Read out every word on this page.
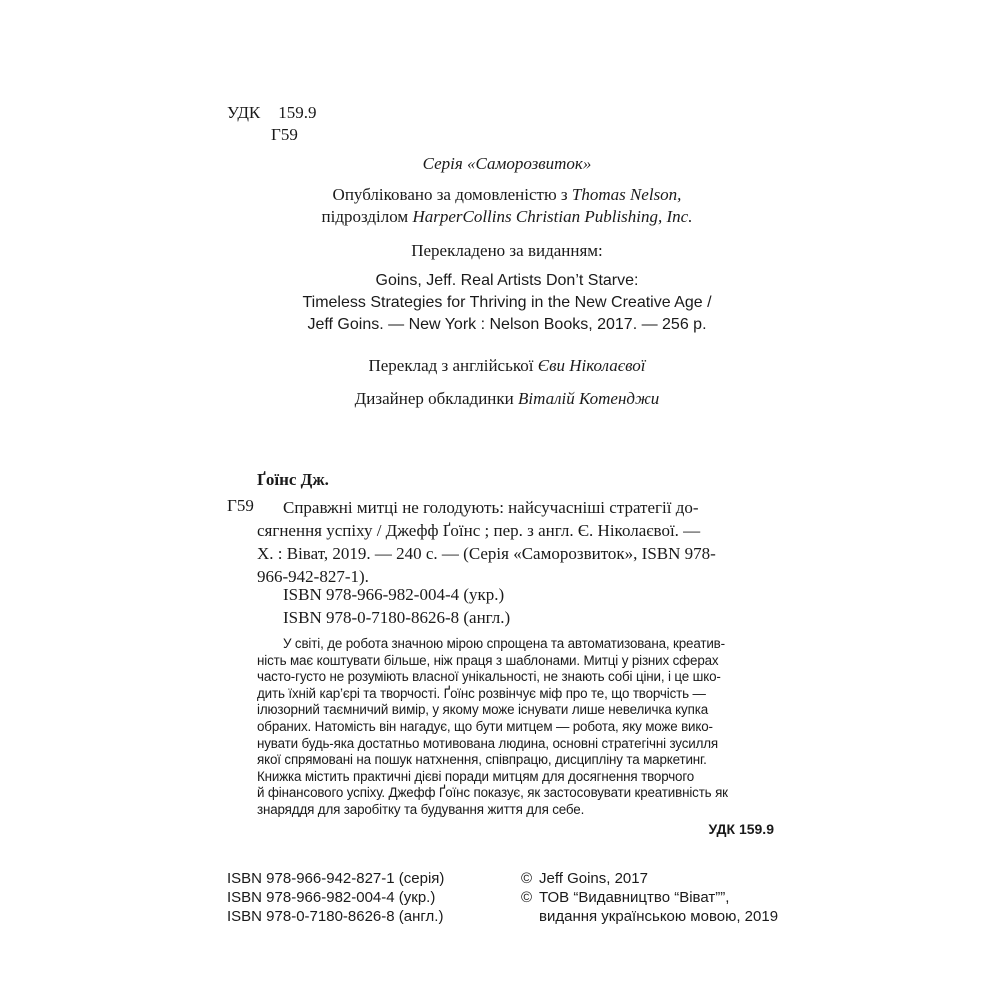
УДК 159.9
Г59
Серія «Саморозвиток»
Опубліковано за домовленістю з Thomas Nelson,
підрозділом HarperCollins Christian Publishing, Inc.
Перекладено за виданням:
Goins, Jeff. Real Artists Don’t Starve:
Timeless Strategies for Thriving in the New Creative Age /
Jeff Goins. — New York : Nelson Books, 2017. — 256 p.
Переклад з англійської Єви Ніколаєвої
Дизайнер обкладинки Віталій Котенджи
Ґоїнс Дж.
Г59	Справжні митці не голодують: найсучасніші стратегії до-
сягнення успіху / Джефф Ґоїнс ; пер. з англ. Є. Ніколаєвої. —
Х. : Віват, 2019. — 240 с. — (Серія «Саморозвиток», ISBN 978-
966-942-827-1).
ISBN 978-966-982-004-4 (укр.)
ISBN 978-0-7180-8626-8 (англ.)
У світі, де робота значною мірою спрощена та автоматизована, креатив-
ність має коштувати більше, ніж праця з шаблонами. Митці у різних сферах
часто-густо не розуміють власної унікальності, не знають собі ціни, і це шко-
дить їхній кар’єрі та творчості. Ґоїнс розвінчує міф про те, що творчість —
ілюзорний таємничий вимір, у якому може існувати лише невеличка купка
обраних. Натомість він нагадує, що бути митцем — робота, яку може вико-
нувати будь-яка достатньо мотивована людина, основні стратегічні зусилля
якої спрямовані на пошук натхнення, співпрацю, дисципліну та маркетинг.
Книжка містить практичні дієві поради митцям для досягнення творчого
й фінансового успіху. Джефф Ґоїнс показує, як застосовувати креативність як
знаряддя для заробітку та будування життя для себе.
УДК 159.9
ISBN 978-966-942-827-1 (серія)
ISBN 978-966-982-004-4 (укр.)
ISBN 978-0-7180-8626-8 (англ.)
© Jeff Goins, 2017
© ТОВ “Видавництво “Віват””,
видання українською мовою, 2019
